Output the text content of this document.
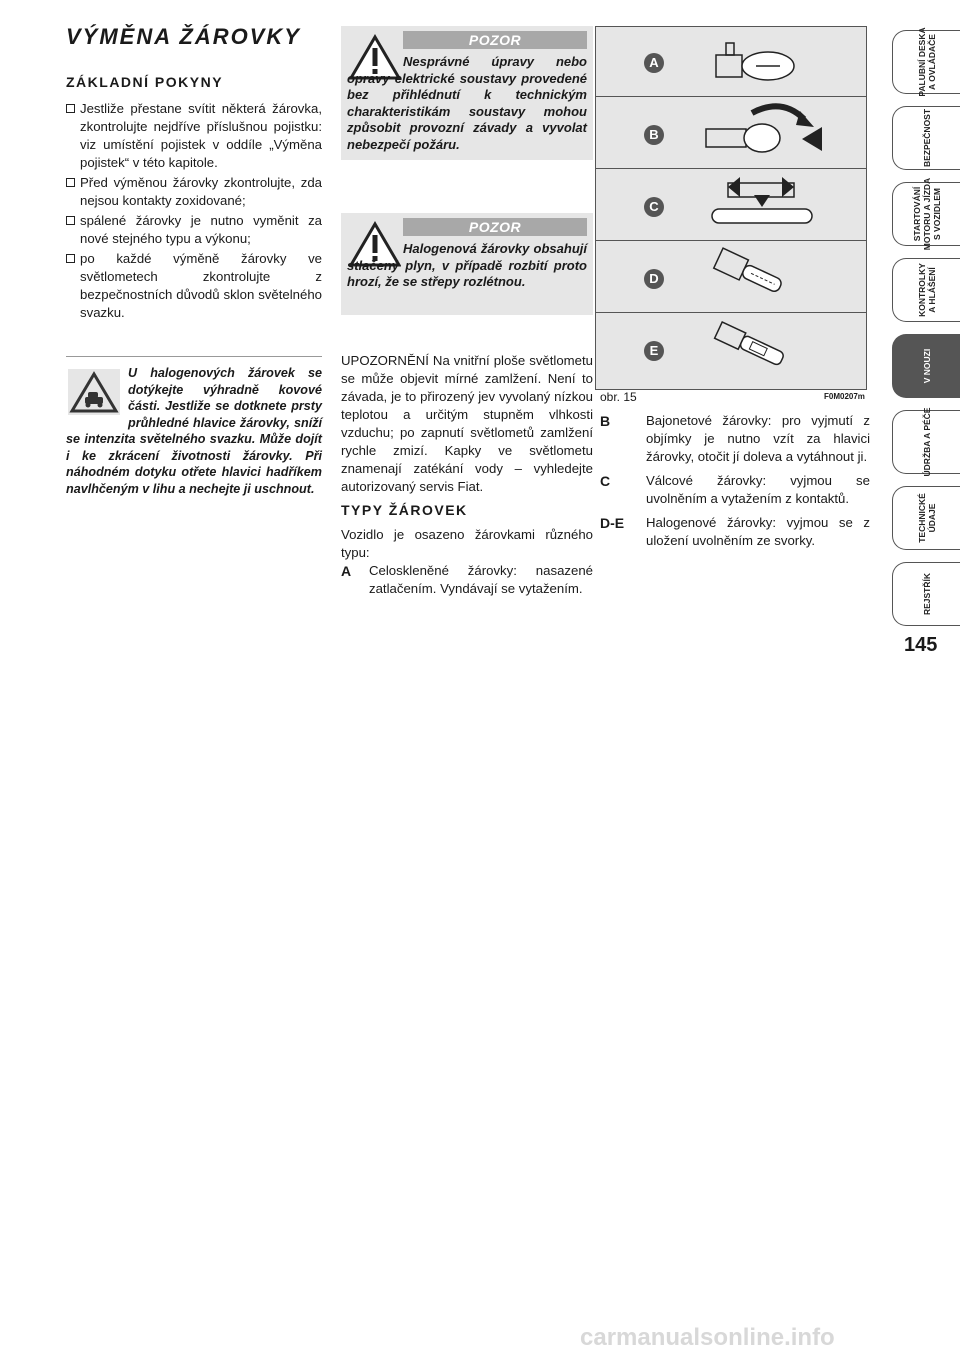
VÝMĚNA ŽÁROVKY
ZÁKLADNÍ POKYNY
Jestliže přestane svítit některá žárovka, zkontrolujte nejdříve příslušnou pojistku: viz umístění pojistek v oddíle „Výměna pojistek“ v této kapitole.
Před výměnou žárovky zkontrolujte, zda nejsou kontakty zoxidované;
spálené žárovky je nutno vyměnit za nové stejného typu a výkonu;
po každé výměně žárovky ve světlometech zkontrolujte z bezpečnostních důvodů sklon světelného svazku.
U halogenových žárovek se dotýkejte výhradně kovové části. Jestliže se dotknete prsty průhledné hlavice žárovky, sníží se intenzita světelného svazku. Může dojít i ke zkrácení životnosti žárovky. Při náhodném dotyku otřete hlavici hadříkem navlhčeným v lihu a nechejte ji uschnout.
POZOR
Nesprávné úpravy nebo opravy elektrické soustavy provedené bez přihlédnutí k technickým charakteristikám soustavy mohou způsobit provozní závady a vyvolat nebezpečí požáru.
POZOR
Halogenová žárovky obsahují stlačený plyn, v případě rozbití proto hrozí, že se střepy rozlétnou.
UPOZORNĚNÍ Na vnitřní ploše světlometu se může objevit mírné zamlžení. Není to závada, je to přirozený jev vyvolaný nízkou teplotou a určitým stupněm vlhkosti vzduchu; po zapnutí světlometů zamlžení rychle zmizí. Kapky ve světlometu znamenají zatékání vody – vyhledejte autorizovaný servis Fiat.
TYPY ŽÁROVEK
Vozidlo je osazeno žárovkami různého typu:
A	Celoskleněné žárovky: nasazené zatlačením. Vyndávají se vytažením.
A
B
C
D
E
obr. 15	F0M0207m
B	Bajonetové žárovky: pro vyjmutí z objímky je nutno vzít za hlavici žárovky, otočit jí doleva a vytáhnout ji.
C	Válcové žárovky: vyjmou se uvolněním a vytažením z kontaktů.
D-E	Halogenové žárovky: vyjmou se z uložení uvolněním ze svorky.
PALUBNÍ DESKA
A OVLÁDAČE
BEZPEČNOST
STARTOVÁNÍ
MOTORU A JÍZDA
S VOZIDLEM
KONTROLKY
A HLÁŠENÍ
V NOUZI
ÚDRŽBA A PÉČE
TECHNICKÉ
ÚDAJE
REJSTŘÍK
145
carmanualsonline.info
